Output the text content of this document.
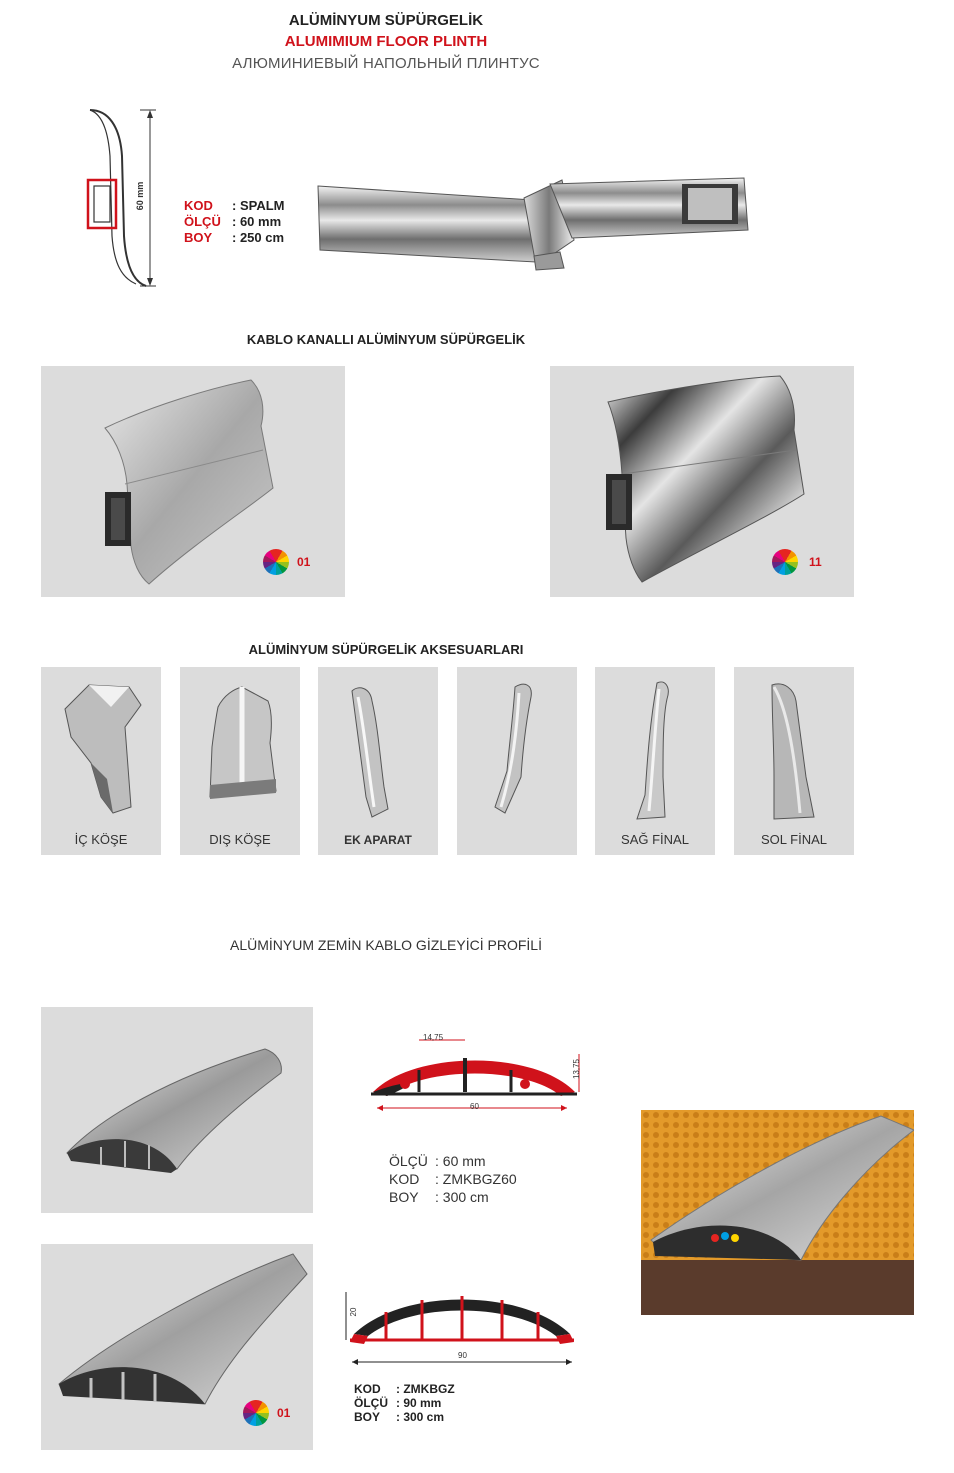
ALÜMİNYUM SÜPÜRGELİK
ALUMIMIUM FLOOR PLINTH
АЛЮМИНИЕВЫЙ НАПОЛЬНЫЙ ПЛИНТУС
60 mm	KOD : SPALM
ÖLÇÜ : 60 mm
BOY : 250 cm
KABLO KANALLI ALÜMİNYUM SÜPÜRGELİK
01	11
ALÜMİNYUM SÜPÜRGELİK AKSESUARLARI
İÇ KÖŞE	DIŞ KÖŞE	EK APARAT	SAĞ FİNAL	SOL FİNAL
ALÜMİNYUM ZEMİN KABLO GİZLEYİCİ PROFİLİ
14,75
13,75
60
ÖLÇÜ : 60 mm
KOD : ZMKBGZ60
BOY : 300 cm
01
20
90
KOD : ZMKBGZ
ÖLÇÜ : 90 mm
BOY : 300 cm
